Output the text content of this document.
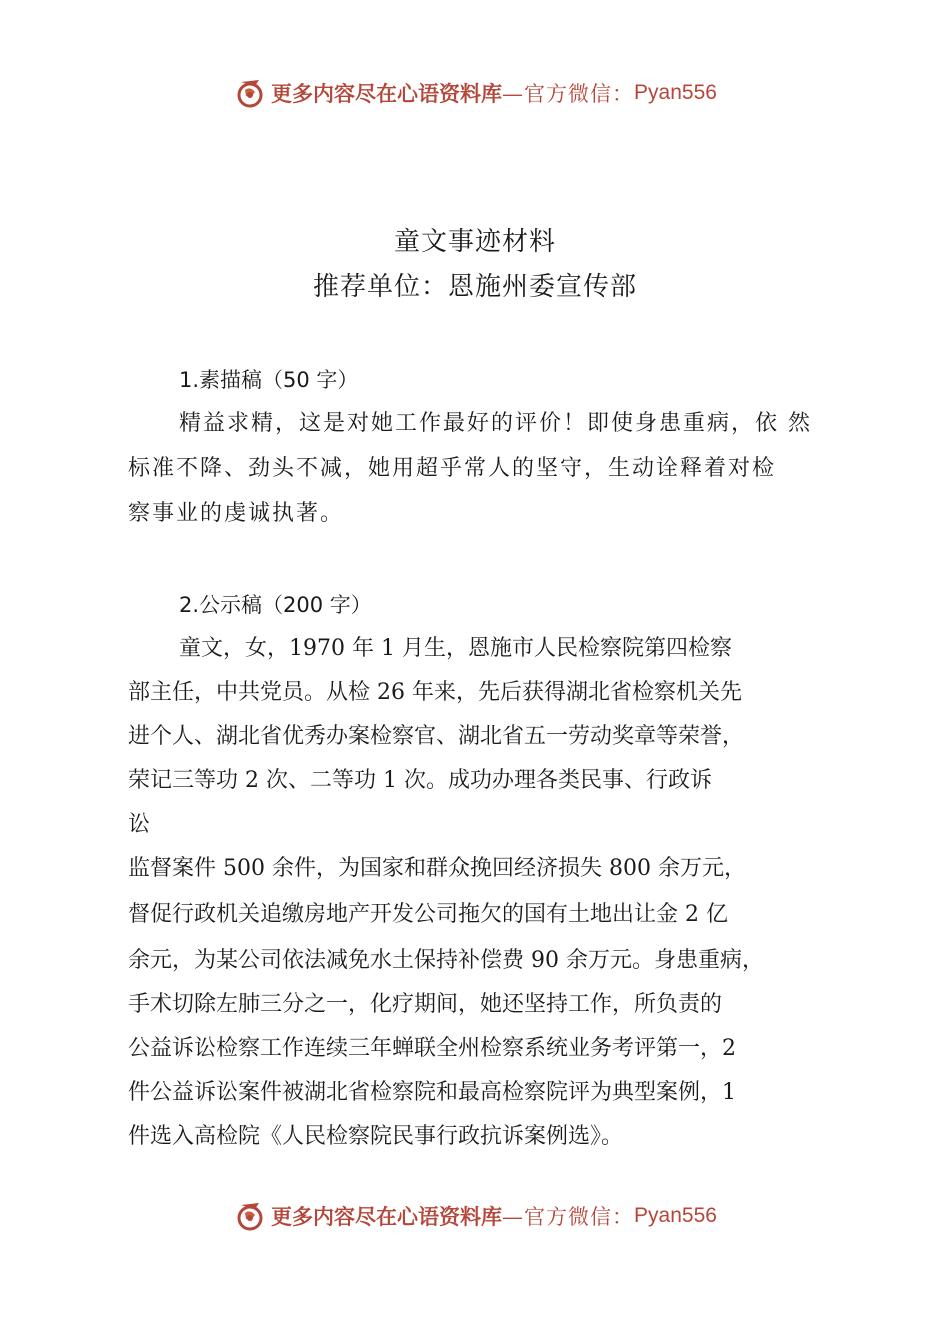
更多内容尽在心语资料库 —官方微信： Pyan556
童文事迹材料
推荐单位：恩施州委宣传部
1.素描稿（50 字）
精益求精，这是对她工作最好的评价！即使身患重病，依 然
标准不降、劲头不减，她用超乎常人的坚守，生动诠释着对检
察事业的虔诚执著。
2.公示稿（200 字）
童文，女，1970 年 1 月生，恩施市人民检察院第四检察
部主任，中共党员。从检 26 年来，先后获得湖北省检察机关先
进个人、湖北省优秀办案检察官、湖北省五一劳动奖章等荣誉，
荣记三等功 2 次、二等功 1 次。成功办理各类民事、行政诉
讼
监督案件 500 余件，为国家和群众挽回经济损失 800 余万元，
督促行政机关追缴房地产开发公司拖欠的国有土地出让金 2 亿
余元，为某公司依法减免水土保持补偿费 90 余万元。身患重病，
手术切除左肺三分之一，化疗期间，她还坚持工作，所负责的
公益诉讼检察工作连续三年蝉联全州检察系统业务考评第一，2
件公益诉讼案件被湖北省检察院和最高检察院评为典型案例，1
件选入高检院《人民检察院民事行政抗诉案例选》。
更多内容尽在心语资料库 —官方微信： Pyan556
